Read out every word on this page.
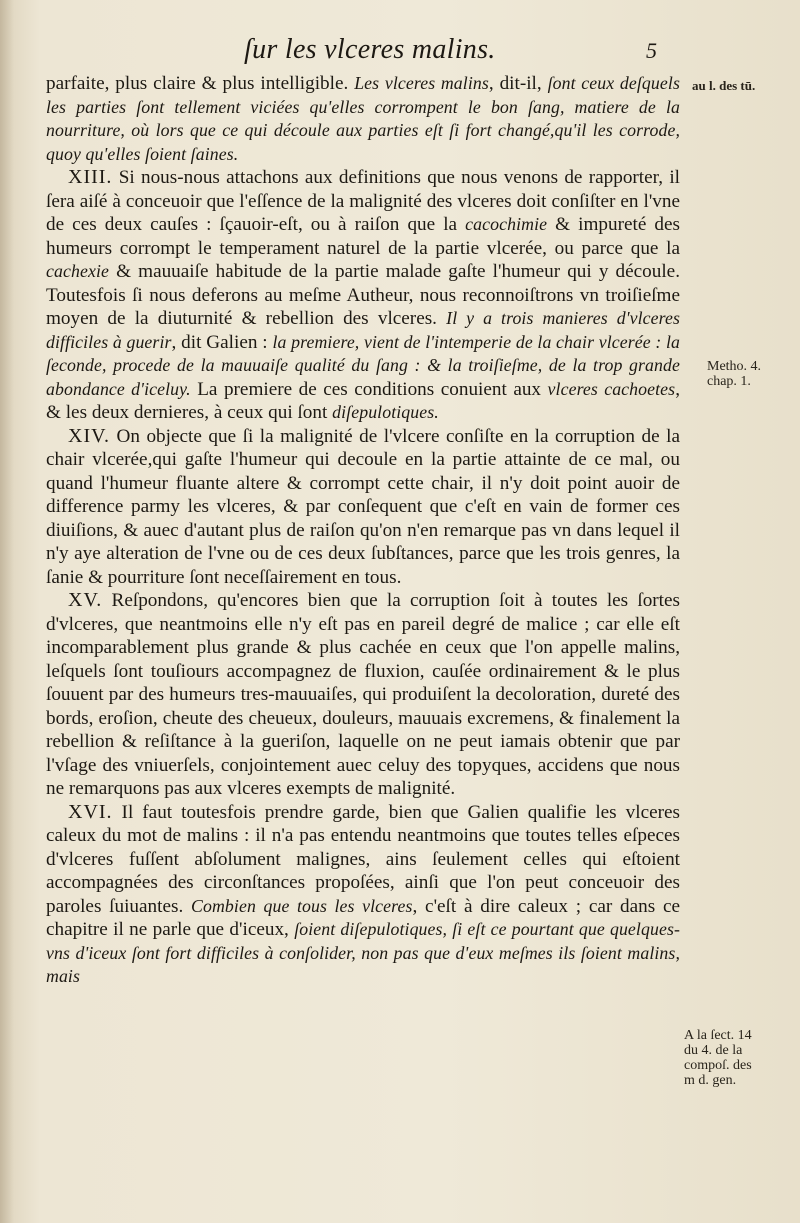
ſur les vlceres malins.	5

parfaite, plus claire & plus intelligible. Les vlceres malins, dit-il, ſont ceux deſquels les parties ſont tellement viciées qu'elles corrompent le bon ſang, matiere de la nourriture, où lors que ce qui découle aux parties eſt ſi fort changé,qu'il les corrode, quoy qu'elles ſoient ſaines.

XIII. Si nous-nous attachons aux definitions que nous venons de rapporter, il ſera aiſé à conceuoir que l'eſſence de la malignité des vlceres doit conſiſter en l'vne de ces deux cauſes : ſçauoir-eſt, ou à raiſon que la cacochimie & impureté des humeurs corrompt le temperament naturel de la partie vlcerée, ou parce que la cachexie & mauuaiſe habitude de la partie malade gaſte l'humeur qui y découle. Toutesfois ſi nous deferons au meſme Autheur, nous reconnoiſtrons vn troiſieſme moyen de la diuturnité & rebellion des vlceres. Il y a trois manieres d'vlceres difficiles à guerir, dit Galien : la premiere, vient de l'intemperie de la chair vlcerée : la ſeconde, procede de la mauuaiſe qualité du ſang : & la troiſieſme, de la trop grande abondance d'iceluy. La premiere de ces conditions conuient aux vlceres cachoetes, & les deux dernieres, à ceux qui ſont diſepulotiques.

XIV. On objecte que ſi la malignité de l'vlcere conſiſte en la corruption de la chair vlcerée,qui gaſte l'humeur qui decoule en la partie attainte de ce mal, ou quand l'humeur fluante altere & corrompt cette chair, il n'y doit point auoir de difference parmy les vlceres, & par conſequent que c'eſt en vain de former ces diuiſions, & auec d'autant plus de raiſon qu'on n'en remarque pas vn dans lequel il n'y aye alteration de l'vne ou de ces deux ſubſtances, parce que les trois genres, la ſanie & pourriture ſont neceſſairement en tous.

XV. Reſpondons, qu'encores bien que la corruption ſoit à toutes les ſortes d'vlceres, que neantmoins elle n'y eſt pas en pareil degré de malice ; car elle eſt incomparablement plus grande & plus cachée en ceux que l'on appelle malins, leſquels ſont touſiours accompagnez de fluxion, cauſée ordinairement & le plus ſouuent par des humeurs tres-mauuaiſes, qui produiſent la decoloration, dureté des bords, eroſion, cheute des cheueux, douleurs, mauuais excremens, & finalement la rebellion & reſiſtance à la gueriſon, laquelle on ne peut iamais obtenir que par l'vſage des vniuerſels, conjointement auec celuy des topyques, accidens que nous ne remarquons pas aux vlceres exempts de malignité.

XVI. Il faut toutesfois prendre garde, bien que Galien qualifie les vlceres caleux du mot de malins : il n'a pas entendu neantmoins que toutes telles eſpeces d'vlceres fuſſent abſolument malignes, ains ſeulement celles qui eſtoient accompagnées des circonſtances propoſées, ainſi que l'on peut conceuoir des paroles ſuiuantes. Combien que tous les vlceres, c'eſt à dire caleux ; car dans ce chapitre il ne parle que d'iceux, ſoient diſepulotiques, ſi eſt ce pourtant que quelques-vns d'iceux ſont fort difficiles à conſolider, non pas que d'eux meſmes ils ſoient malins, mais

au l. des tū.
Metho. 4.
chap. 1.
A la ſect. 14
du 4. de la
compoſ. des
m d. gen.
